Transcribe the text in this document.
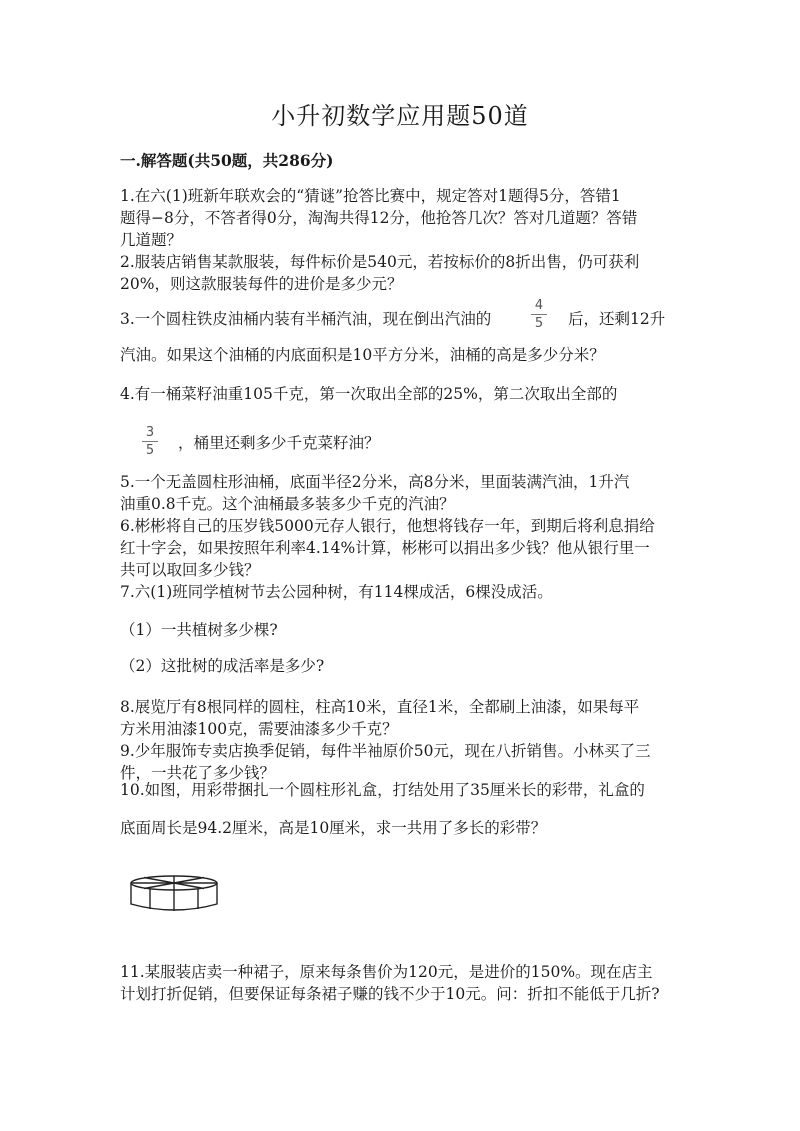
小升初数学应用题50道
一.解答题(共50题，共286分)
1.在六(1)班新年联欢会的“猜谜”抢答比赛中，规定答对1题得5分，答错1
题得−8分，不答者得0分，淘淘共得12分，他抢答几次？答对几道题？答错
几道题？
2.服装店销售某款服装，每件标价是540元，若按标价的8折出售，仍可获利
20%，则这款服装每件的进价是多少元？
3.一个圆柱铁皮油桶内装有半桶汽油，现在倒出汽油的	$\frac{4}{5}$ 后，还剩12升
汽油。如果这个油桶的内底面积是10平方分米，油桶的高是多少分米？
4.有一桶菜籽油重105千克，第一次取出全部的25%，第二次取出全部的
$\frac{3}{5}$ ，桶里还剩多少千克菜籽油？
5.一个无盖圆柱形油桶，底面半径2分米，高8分米，里面装满汽油，1升汽
油重0.8千克。这个油桶最多装多少千克的汽油？
6.彬彬将自己的压岁钱5000元存人银行，他想将钱存一年，到期后将利息捐给
红十字会，如果按照年利率4.14%计算，彬彬可以捐出多少钱？他从银行里一
共可以取回多少钱？
7.六(1)班同学植树节去公园种树，有114棵成活，6棵没成活。
（1）一共植树多少棵?
（2）这批树的成活率是多少?
8.展览厅有8根同样的圆柱，柱高10米，直径1米，全都刷上油漆，如果每平
方米用油漆100克，需要油漆多少千克？
9.少年服饰专卖店换季促销，每件半袖原价50元，现在八折销售。小林买了三
件，一共花了多少钱？
10.如图，用彩带捆扎一个圆柱形礼盒，打结处用了35厘米长的彩带，礼盒的
底面周长是94.2厘米，高是10厘米，求一共用了多长的彩带？
11.某服装店卖一种裙子，原来每条售价为120元，是进价的150%。现在店主
计划打折促销，但要保证每条裙子赚的钱不少于10元。问：折扣不能低于几折?
